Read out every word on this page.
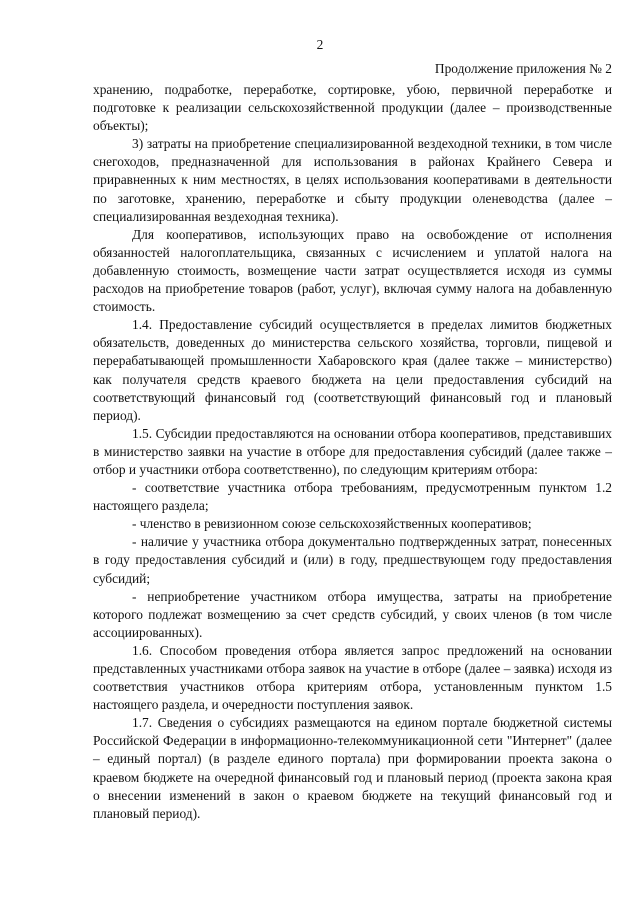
2
Продолжение приложения № 2

хранению, подработке, переработке, сортировке, убою, первичной переработке и подготовке к реализации сельскохозяйственной продукции (далее – производственные объекты);

3) затраты на приобретение специализированной вездеходной техники, в том числе снегоходов, предназначенной для использования в районах Крайнего Севера и приравненных к ним местностях, в целях использования кооперативами в деятельности по заготовке, хранению, переработке и сбыту продукции оленеводства (далее – специализированная вездеходная техника).

Для кооперативов, использующих право на освобождение от исполнения обязанностей налогоплательщика, связанных с исчислением и уплатой налога на добавленную стоимость, возмещение части затрат осуществляется исходя из суммы расходов на приобретение товаров (работ, услуг), включая сумму налога на добавленную стоимость.

1.4. Предоставление субсидий осуществляется в пределах лимитов бюджетных обязательств, доведенных до министерства сельского хозяйства, торговли, пищевой и перерабатывающей промышленности Хабаровского края (далее также – министерство) как получателя средств краевого бюджета на цели предоставления субсидий на соответствующий финансовый год (соответствующий финансовый год и плановый период).

1.5. Субсидии предоставляются на основании отбора кооперативов, представивших в министерство заявки на участие в отборе для предоставления субсидий (далее также – отбор и участники отбора соответственно), по следующим критериям отбора:

- соответствие участника отбора требованиям, предусмотренным пунктом 1.2 настоящего раздела;

- членство в ревизионном союзе сельскохозяйственных кооперативов;

- наличие у участника отбора документально подтвержденных затрат, понесенных в году предоставления субсидий и (или) в году, предшествующем году предоставления субсидий;

- неприобретение участником отбора имущества, затраты на приобретение которого подлежат возмещению за счет средств субсидий, у своих членов (в том числе ассоциированных).

1.6. Способом проведения отбора является запрос предложений на основании представленных участниками отбора заявок на участие в отборе (далее – заявка) исходя из соответствия участников отбора критериям отбора, установленным пунктом 1.5 настоящего раздела, и очередности поступления заявок.

1.7. Сведения о субсидиях размещаются на едином портале бюджетной системы Российской Федерации в информационно-телекоммуникационной сети "Интернет" (далее – единый портал) (в разделе единого портала) при формировании проекта закона о краевом бюджете на очередной финансовый год и плановый период (проекта закона края о внесении изменений в закон о краевом бюджете на текущий финансовый год и плановый период).
